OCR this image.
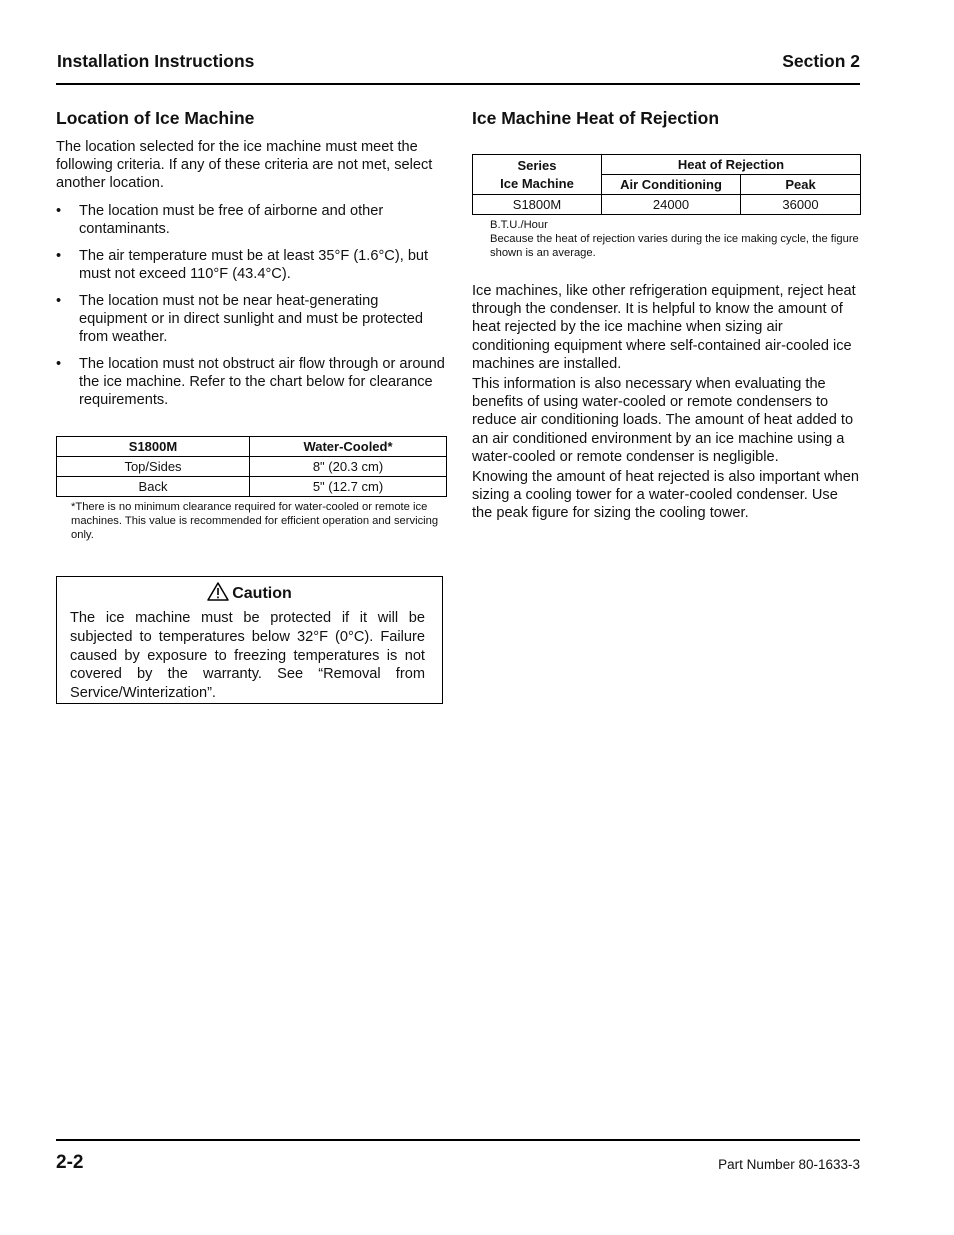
Installation Instructions	Section 2
Location of Ice Machine

The location selected for the ice machine must meet the following criteria. If any of these criteria are not met, select another location.

• The location must be free of airborne and other contaminants.
• The air temperature must be at least 35°F (1.6°C), but must not exceed 110°F (43.4°C).
• The location must not be near heat-generating equipment or in direct sunlight and must be protected from weather.
• The location must not obstruct air flow through or around the ice machine. Refer to the chart below for clearance requirements.
S1800M	Water-Cooled*
Top/Sides	8" (20.3 cm)
Back	5" (12.7 cm)
*There is no minimum clearance required for water-cooled or remote ice machines. This value is recommended for efficient operation and servicing only.
Caution
The ice machine must be protected if it will be subjected to temperatures below 32°F (0°C). Failure caused by exposure to freezing temperatures is not covered by the warranty. See “Removal from Service/Winterization”.
Ice Machine Heat of Rejection
Series
Ice Machine	Heat of Rejection	
	Air Conditioning	Peak
S1800M	24000	36000
B.T.U./Hour
Because the heat of rejection varies during the ice making cycle, the figure shown is an average.

Ice machines, like other refrigeration equipment, reject heat through the condenser. It is helpful to know the amount of heat rejected by the ice machine when sizing air conditioning equipment where self-contained air-cooled ice machines are installed.

This information is also necessary when evaluating the benefits of using water-cooled or remote condensers to reduce air conditioning loads. The amount of heat added to an air conditioned environment by an ice machine using a water-cooled or remote condenser is negligible.

Knowing the amount of heat rejected is also important when sizing a cooling tower for a water-cooled condenser. Use the peak figure for sizing the cooling tower.

2-2	Part Number 80-1633-3
